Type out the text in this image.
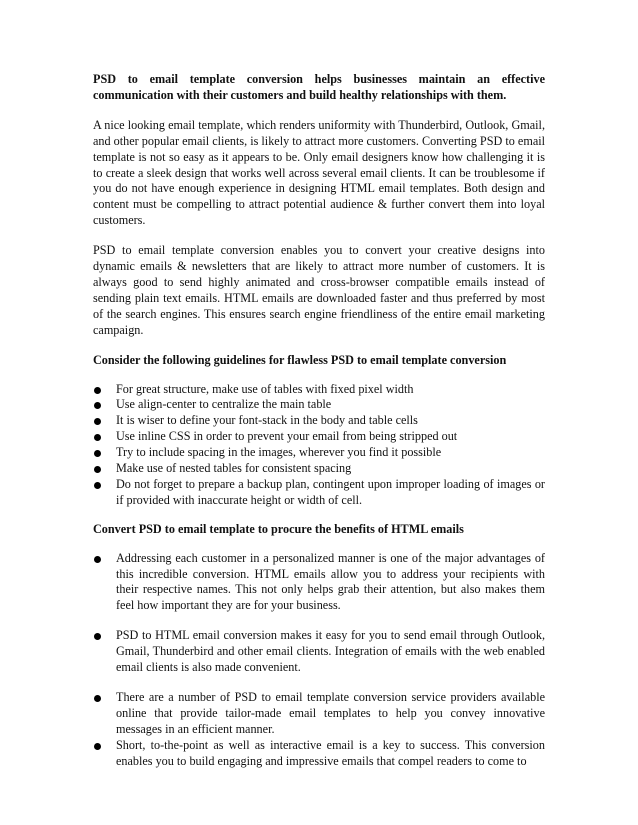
PSD to email template conversion helps businesses maintain an effective communication with their customers and build healthy relationships with them.

A nice looking email template, which renders uniformity with Thunderbird, Outlook, Gmail, and other popular email clients, is likely to attract more customers. Converting PSD to email template is not so easy as it appears to be. Only email designers know how challenging it is to create a sleek design that works well across several email clients. It can be troublesome if you do not have enough experience in designing HTML email templates. Both design and content must be compelling to attract potential audience & further convert them into loyal customers.

PSD to email template conversion enables you to convert your creative designs into dynamic emails & newsletters that are likely to attract more number of customers. It is always good to send highly animated and cross-browser compatible emails instead of sending plain text emails. HTML emails are downloaded faster and thus preferred by most of the search engines. This ensures search engine friendliness of the entire email marketing campaign.

Consider the following guidelines for flawless PSD to email template conversion

For great structure, make use of tables with fixed pixel width
Use align-center to centralize the main table
It is wiser to define your font-stack in the body and table cells
Use inline CSS in order to prevent your email from being stripped out
Try to include spacing in the images, wherever you find it possible
Make use of nested tables for consistent spacing
Do not forget to prepare a backup plan, contingent upon improper loading of images or if provided with inaccurate height or width of cell.

Convert PSD to email template to procure the benefits of HTML emails

Addressing each customer in a personalized manner is one of the major advantages of this incredible conversion. HTML emails allow you to address your recipients with their respective names. This not only helps grab their attention, but also makes them feel how important they are for your business.
PSD to HTML email conversion makes it easy for you to send email through Outlook, Gmail, Thunderbird and other email clients. Integration of emails with the web enabled email clients is also made convenient.
There are a number of PSD to email template conversion service providers available online that provide tailor-made email templates to help you convey innovative messages in an efficient manner.
Short, to-the-point as well as interactive email is a key to success. This conversion enables you to build engaging and impressive emails that compel readers to come to
